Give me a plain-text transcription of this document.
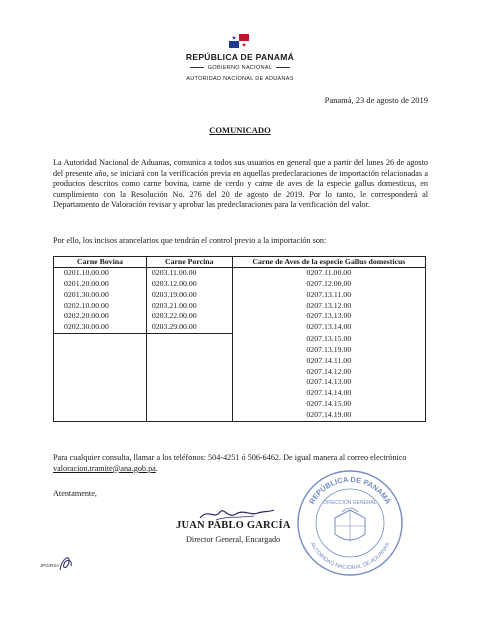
REPÚBLICA DE PANAMÁ
GOBIERNO NACIONAL
AUTORIDAD NACIONAL DE ADUANAS
Panamá, 23 de agosto de 2019
COMUNICADO
La Autoridad Nacional de Aduanas, comunica a todos sus usuarios en general que a partir del lunes 26 de agosto del presente año, se iniciará con la verificación previa en aquellas predeclaraciones de importación relacionadas a productos descritos como carne bovina, carne de cerdo y carne de aves de la especie gallus domesticus, en cumplimiento con la Resolución No. 276 del 20 de agosto de 2019. Por lo tanto, le corresponderá al Departamento de Valoración revisar y aprobar las predeclaraciones para la verificación del valor.
Por ello, los incisos arancelarios que tendrán el control previo a la importación son:
Carne Bovina	Carne Porcina	Carne de Aves de la especie Gallus domesticus
0201.10.00.00	0203.11.00.00	0207.11.00.00
0201.20.00.00	0203.12.00.00	0207.12.00.00
0201.30.00.00	0203.19.00.00	0207.13.11.00
0202.10.00.00	0203.21.00.00	0207.13.12.00
0202.20.00.00	0203.22.00.00	0207.13.13.00
0202.30.00.00	0203.29.00.00	0207.13.14.00
		0207.13.15.00
		0207.13.19.00
		0207.14.11.00
		0207.14.12.00
		0207.14.13.00
		0207.14.14.00
		0207.14.15.00
		0207.14.19.00
Para cualquier consulta, llamar a los teléfonos: 504-4251 ó 506-6462. De igual manera al correo electrónico valoracion.tramite@ana.gob.pa.
Atentamente,
REPÚBLICA DE PANAMÁ
AUTORIDAD NACIONAL DE ADUANAS
DIRECCIÓN GENERAL
JUAN PABLO GARCÍA
Director General, Encargado
JPG/RSA
